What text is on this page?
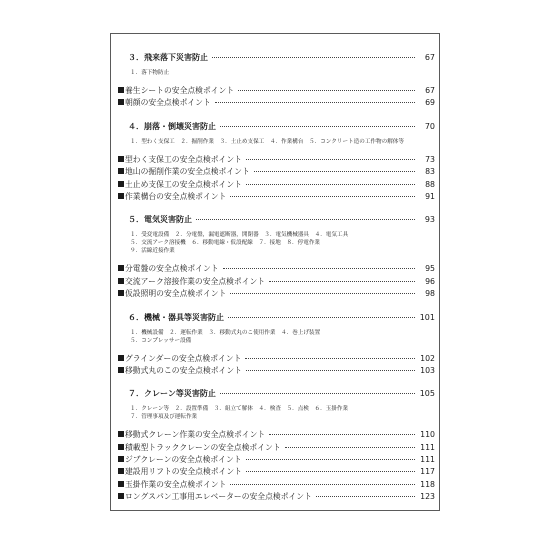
３．飛来落下災害防止	67
１．落下物防止
養生シートの安全点検ポイント	67
朝顔の安全点検ポイント	69
４．崩落・倒壊災害防止	70
１．型わく支保工　２．掘削作業　３．土止め支保工　４．作業構台　５．コンクリート造の工作物の解体等
型わく支保工の安全点検ポイント	73
地山の掘削作業の安全点検ポイント	83
土止め支保工の安全点検ポイント	88
作業構台の安全点検ポイント	91
５．電気災害防止	93
１．受変電設備　２．分電盤，漏電遮断器，開閉器　３．電気機械器具　４．電気工具
５．交流アーク溶接機　６．移動電線・仮設配線　７．接地　８．停電作業
９．活線近接作業
分電盤の安全点検ポイント	95
交流アーク溶接作業の安全点検ポイント	96
仮設照明の安全点検ポイント	98
６．機械・器具等災害防止	101
１．機械設備　２．運転作業　３．移動式丸のこ使用作業　４．巻上げ装置
５．コンプレッサー設備
グラインダーの安全点検ポイント	102
移動式丸のこの安全点検ポイント	103
７．クレーン等災害防止	105
１．クレーン等　２．設置準備　３．組立て解体　４．検査　５．点検　６．玉掛作業
７．管理事項及び運転作業
移動式クレーン作業の安全点検ポイント	110
積載型トラッククレーンの安全点検ポイント	111
ジブクレーンの安全点検ポイント	111
建設用リフトの安全点検ポイント	117
玉掛作業の安全点検ポイント	118
ロングスパン工事用エレベーターの安全点検ポイント	123
